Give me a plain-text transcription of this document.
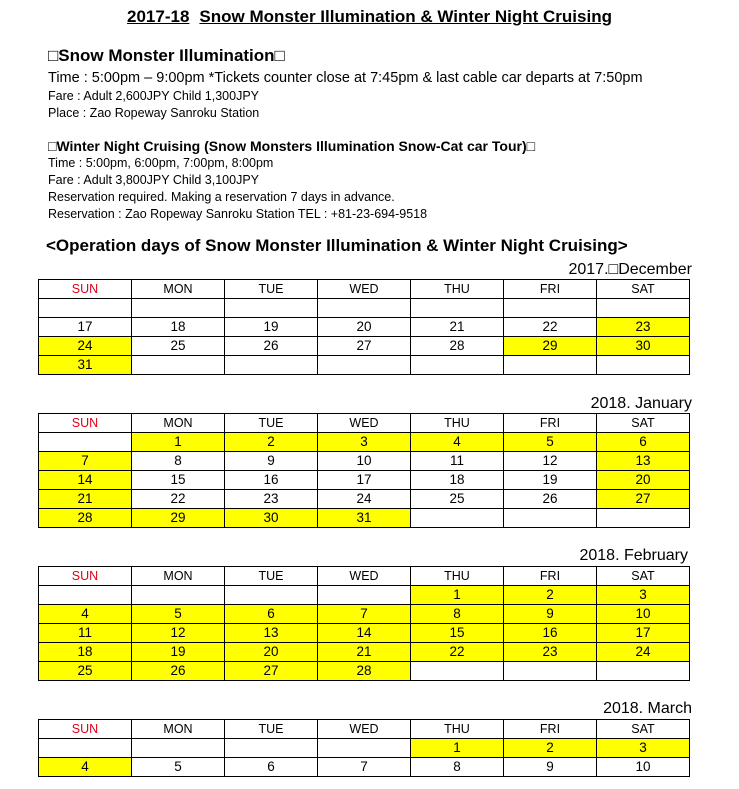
2017-18 Snow Monster Illumination & Winter Night Cruising
□Snow Monster Illumination□
Time : 5:00pm – 9:00pm *Tickets counter close at 7:45pm & last cable car departs at 7:50pm
Fare : Adult 2,600JPY Child 1,300JPY
Place : Zao Ropeway Sanroku Station
□Winter Night Cruising (Snow Monsters Illumination Snow-Cat car Tour)□
Time : 5:00pm, 6:00pm, 7:00pm, 8:00pm
Fare : Adult 3,800JPY Child 3,100JPY
Reservation required. Making a reservation 7 days in advance.
Reservation : Zao Ropeway Sanroku Station TEL : +81-23-694-9518
<Operation days of Snow Monster Illumination & Winter Night Cruising>
2017.□December
SUN	MON	TUE	WED	THU	FRI	SAT

17	18	19	20	21	22	23
24	25	26	27	28	29	30
31						
2018. January
SUN	MON	TUE	WED	THU	FRI	SAT
	1	2	3	4	5	6
7	8	9	10	11	12	13
14	15	16	17	18	19	20
21	22	23	24	25	26	27
28	29	30	31			
2018. February
SUN	MON	TUE	WED	THU	FRI	SAT
				1	2	3
4	5	6	7	8	9	10
11	12	13	14	15	16	17
18	19	20	21	22	23	24
25	26	27	28			
2018. March
SUN	MON	TUE	WED	THU	FRI	SAT
				1	2	3
4	5	6	7	8	9	10
